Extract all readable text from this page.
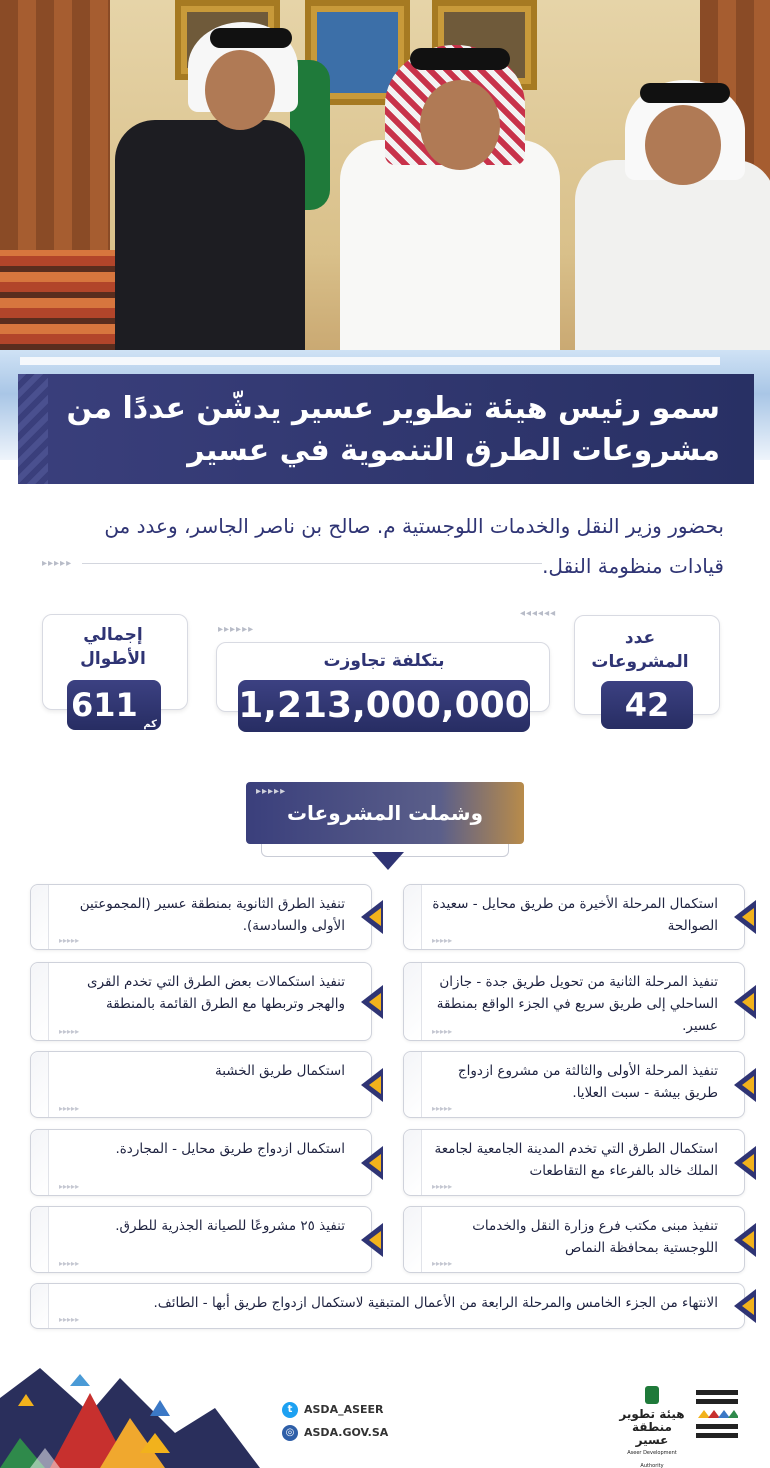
سمو رئيس هيئة تطوير عسير يدشّن عددًا من
مشروعات الطرق التنموية في عسير
بحضور وزير النقل والخدمات اللوجستية م. صالح بن ناصر الجاسر، وعدد من
قيادات منظومة النقل.
▸▸▸▸▸
عدد
المشروعات
42
◂◂◂◂◂◂
بتكلفة تجاوزت
1,213,000,000
▸▸▸▸▸▸
إجمالي
الأطوال
كم 611
وشملت المشروعات
▸▸▸▸▸
استكمال المرحلة الأخيرة من طريق محايل - سعيدة الصوالحة
▸▸▸▸▸
تنفيذ المرحلة الثانية من تحويل طريق جدة - جازان الساحلي إلى طريق سريع في الجزء الواقع بمنطقة عسير.
▸▸▸▸▸
تنفيذ المرحلة الأولى والثالثة من مشروع ازدواج طريق بيشة - سبت العلايا.
▸▸▸▸▸
استكمال الطرق التي تخدم المدينة الجامعية لجامعة الملك خالد بالفرعاء مع التقاطعات
▸▸▸▸▸
تنفيذ مبنى مكتب فرع وزارة النقل والخدمات اللوجستية بمحافظة النماص
▸▸▸▸▸
تنفيذ الطرق الثانوية بمنطقة عسير (المجموعتين الأولى والسادسة).
▸▸▸▸▸
تنفيذ استكمالات بعض الطرق التي تخدم القرى والهجر وتربطها مع الطرق القائمة بالمنطقة
▸▸▸▸▸
استكمال طريق الخشبة
▸▸▸▸▸
استكمال ازدواج طريق محايل - المجاردة.
▸▸▸▸▸
تنفيذ ٢٥ مشروعًا للصيانة الجذرية للطرق.
▸▸▸▸▸
الانتهاء من الجزء الخامس والمرحلة الرابعة من الأعمال المتبقية لاستكمال ازدواج طريق أبها - الطائف.
▸▸▸▸▸
t ASDA_ASEER
◎ ASDA.GOV.SA
هيئة تطوير
منطقة عسير
Aseer Development Authority
